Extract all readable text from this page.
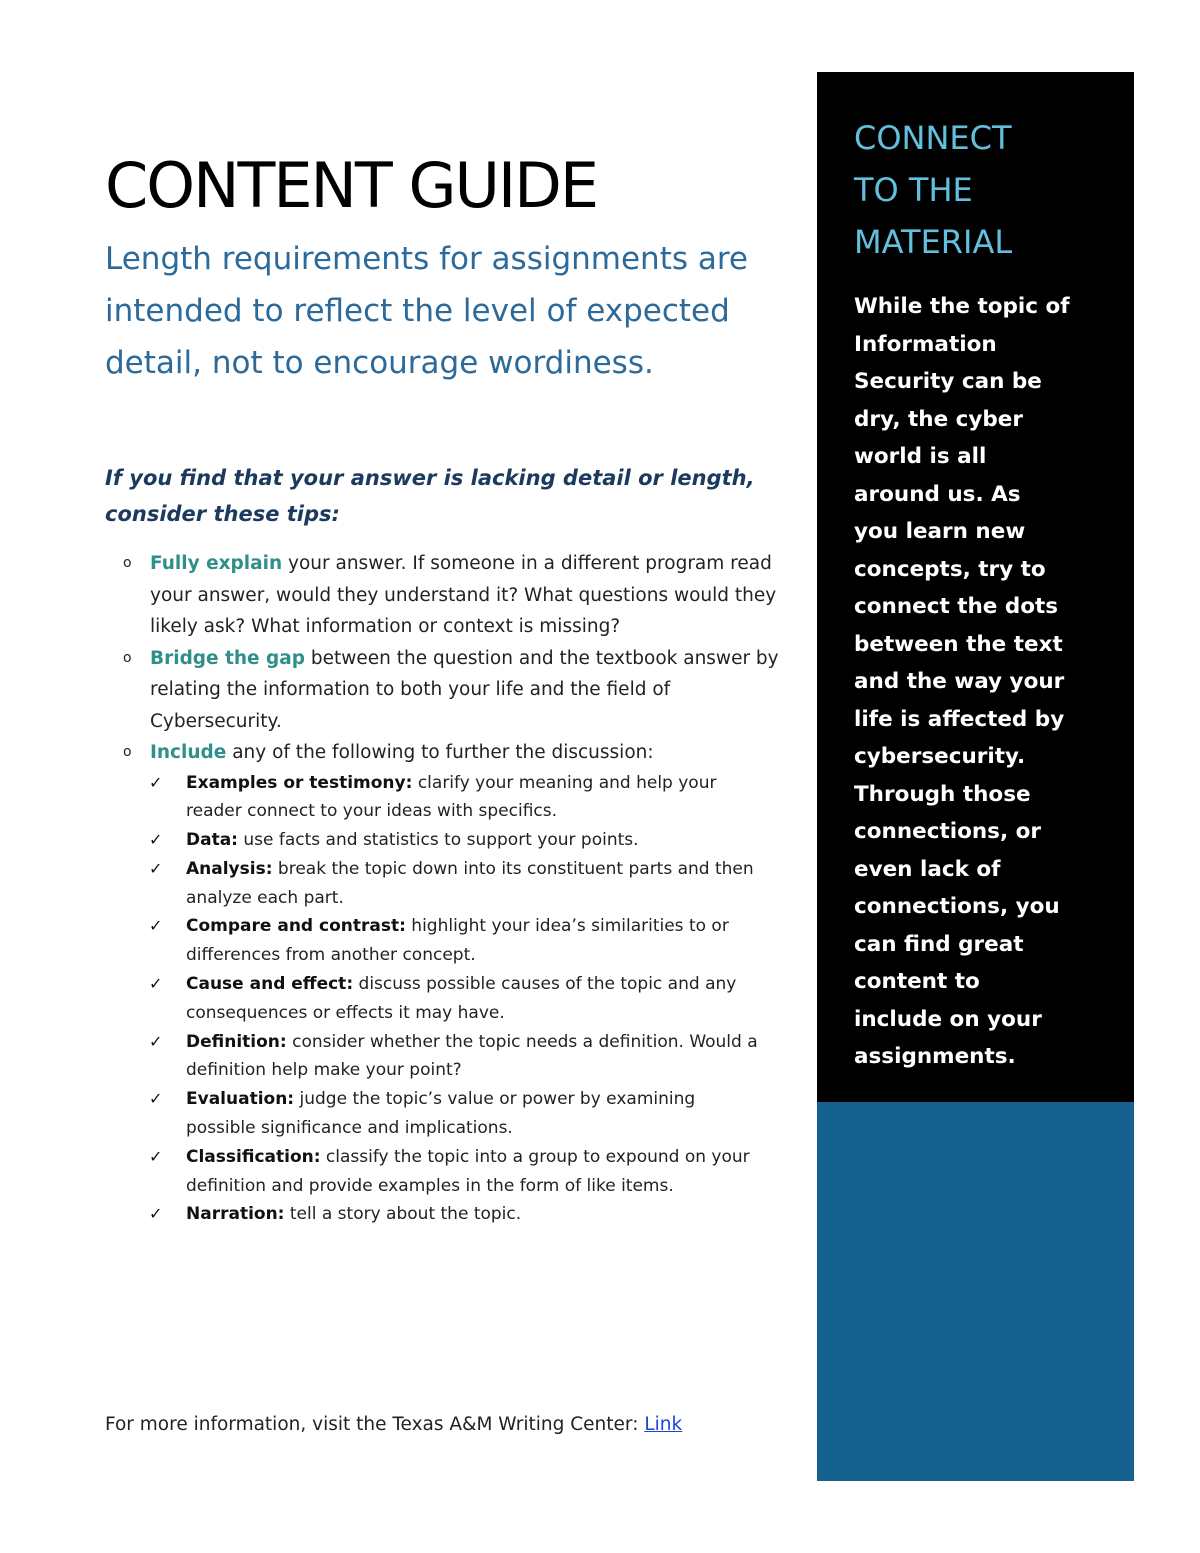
CONTENT GUIDE

Length requirements for assignments are intended to reflect the level of expected detail, not to encourage wordiness.

If you find that your answer is lacking detail or length, consider these tips:

o Fully explain your answer. If someone in a different program read your answer, would they understand it? What questions would they likely ask? What information or context is missing?
o Bridge the gap between the question and the textbook answer by relating the information to both your life and the field of Cybersecurity.
o Include any of the following to further the discussion:
✓ Examples or testimony: clarify your meaning and help your reader connect to your ideas with specifics.
✓ Data: use facts and statistics to support your points.
✓ Analysis: break the topic down into its constituent parts and then analyze each part.
✓ Compare and contrast: highlight your idea’s similarities to or differences from another concept.
✓ Cause and effect: discuss possible causes of the topic and any consequences or effects it may have.
✓ Definition: consider whether the topic needs a definition. Would a definition help make your point?
✓ Evaluation: judge the topic’s value or power by examining possible significance and implications.
✓ Classification: classify the topic into a group to expound on your definition and provide examples in the form of like items.
✓ Narration: tell a story about the topic.

For more information, visit the Texas A&M Writing Center: Link

CONNECT
TO THE
MATERIAL

While the topic of
Information
Security can be
dry, the cyber
world is all
around us. As
you learn new
concepts, try to
connect the dots
between the text
and the way your
life is affected by
cybersecurity.
Through those
connections, or
even lack of
connections, you
can find great
content to
include on your
assignments.
